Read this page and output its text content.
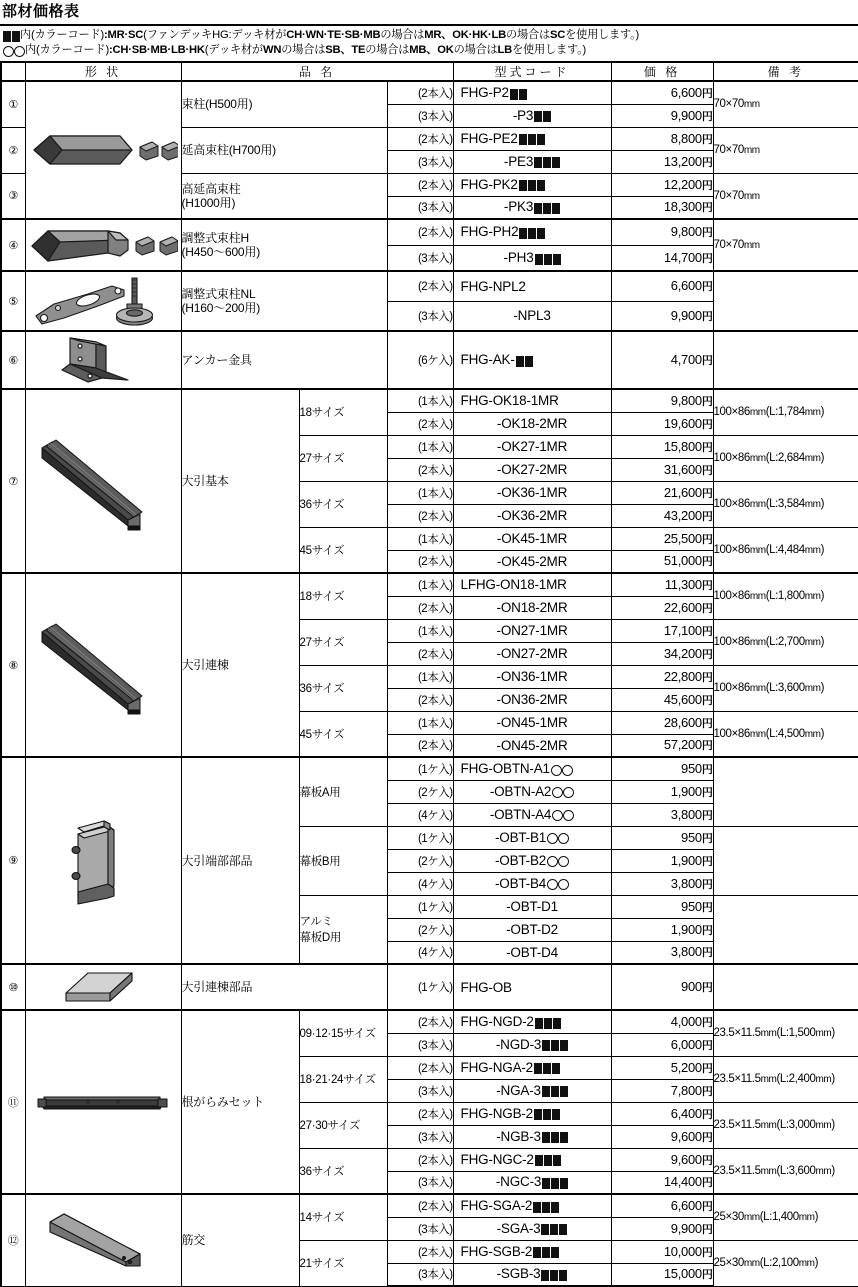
部材価格表
内(カラーコード):MR·SC(ファンデッキHG:デッキ材がCH·WN·TE·SB·MBの場合はMR、OK·HK·LBの場合はSCを使用します。)
内(カラーコード):CH·SB·MB·LB·HK(デッキ材がWNの場合はSB、TEの場合はMB、OKの場合はLBを使用します。)
	形 状	品 名			型式コード	価 格	備 考
①		束柱(H500用)		(2本入)	FHG-P2	6,600円	70×70mm
				(3本入)	-P3	9,900円	
②		延高束柱(H700用)		(2本入)	FHG-PE2	8,800円	70×70mm
				(3本入)	-PE3	13,200円	
③		高延高束柱
(H1000用)		(2本入)	FHG-PK2	12,200円	70×70mm
				(3本入)	-PK3	18,300円	
④		調整式束柱H
(H450～600用)		(2本入)	FHG-PH2	9,800円	70×70mm
				(3本入)	-PH3	14,700円	
⑤		調整式束柱NL
(H160～200用)		(2本入)	FHG-NPL2	6,600円	
				(3本入)	-NPL3	9,900円	
⑥		アンカー金具		(6ケ入)	FHG-AK-	4,700円	
⑦		大引基本	18サイズ	(1本入)	FHG-OK18-1MR	9,800円	100×86mm(L:1,784mm)
				(2本入)	-OK18-2MR	19,600円	

			27サイズ	(1本入)	-OK27-1MR	15,800円	100×86mm(L:2,684mm)
				(2本入)	-OK27-2MR	31,600円	

			36サイズ	(1本入)	-OK36-1MR	21,600円	100×86mm(L:3,584mm)
				(2本入)	-OK36-2MR	43,200円	

			45サイズ	(1本入)	-OK45-1MR	25,500円	100×86mm(L:4,484mm)
				(2本入)	-OK45-2MR	51,000円	
⑧		大引連棟	18サイズ	(1本入)	LFHG-ON18-1MR	11,300円	100×86mm(L:1,800mm)
				(2本入)	-ON18-2MR	22,600円	

			27サイズ	(1本入)	-ON27-1MR	17,100円	100×86mm(L:2,700mm)
				(2本入)	-ON27-2MR	34,200円	

			36サイズ	(1本入)	-ON36-1MR	22,800円	100×86mm(L:3,600mm)
				(2本入)	-ON36-2MR	45,600円	

			45サイズ	(1本入)	-ON45-1MR	28,600円	100×86mm(L:4,500mm)
				(2本入)	-ON45-2MR	57,200円	
⑨		大引端部部品	幕板A用	(1ケ入)	FHG-OBTN-A1	950円	
				(2ケ入)	-OBTN-A2	1,900円	
				(4ケ入)	-OBTN-A4	3,800円	

			幕板B用	(1ケ入)	-OBT-B1	950円	
				(2ケ入)	-OBT-B2	1,900円	
				(4ケ入)	-OBT-B4	3,800円	

			アルミ
幕板D用	(1ケ入)	-OBT-D1	950円	
				(2ケ入)	-OBT-D2	1,900円	
				(4ケ入)	-OBT-D4	3,800円	
⑩		大引連棟部品		(1ケ入)	FHG-OB	900円	
⑪		根がらみセット	09·12·15サイズ	(2本入)	FHG-NGD-2	4,000円	23.5×11.5mm(L:1,500mm)
				(3本入)	-NGD-3	6,000円	

			18·21·24サイズ	(2本入)	FHG-NGA-2	5,200円	23.5×11.5mm(L:2,400mm)
				(3本入)	-NGA-3	7,800円	

			27·30サイズ	(2本入)	FHG-NGB-2	6,400円	23.5×11.5mm(L:3,000mm)
				(3本入)	-NGB-3	9,600円	

			36サイズ	(2本入)	FHG-NGC-2	9,600円	23.5×11.5mm(L:3,600mm)
				(3本入)	-NGC-3	14,400円	
⑫		筋交	14サイズ	(2本入)	FHG-SGA-2	6,600円	25×30mm(L:1,400mm)
				(3本入)	-SGA-3	9,900円	

			21サイズ	(2本入)	FHG-SGB-2	10,000円	25×30mm(L:2,100mm)
				(3本入)	-SGB-3	15,000円	
